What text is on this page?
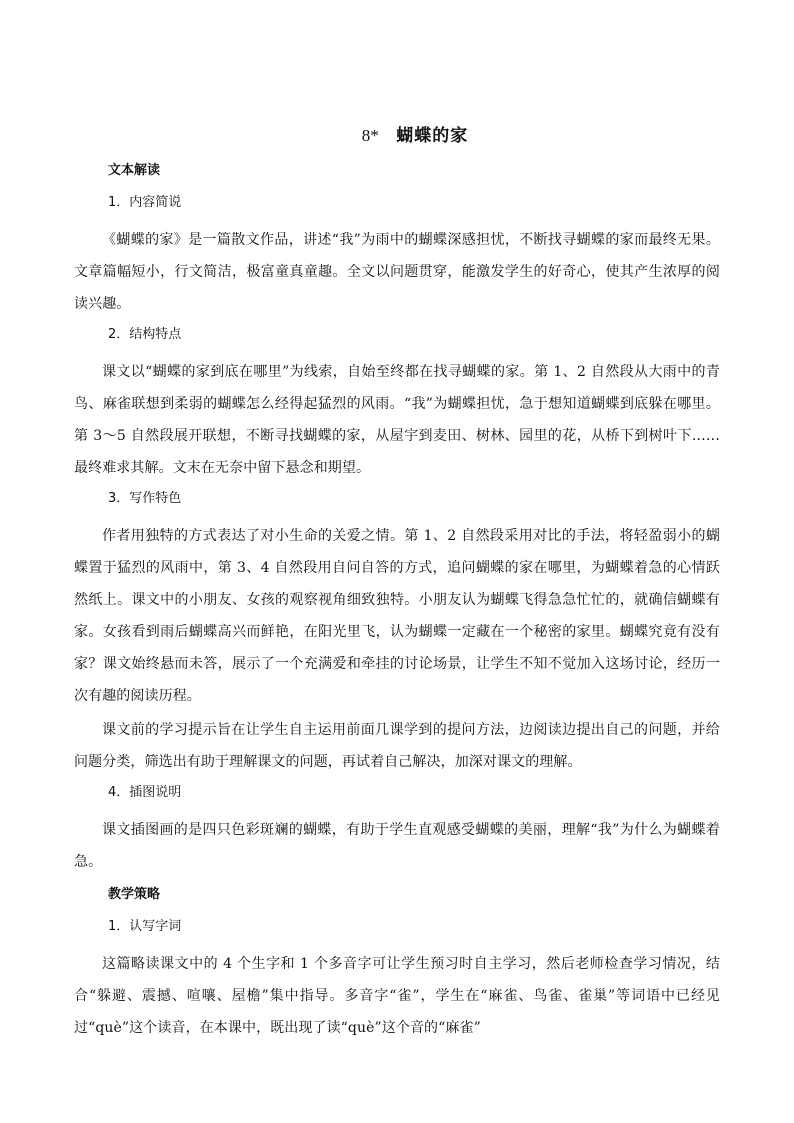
8* 蝴蝶的家
文本解读
1．内容简说

《蝴蝶的家》是一篇散文作品，讲述“我”为雨中的蝴蝶深感担忧，不断找寻蝴蝶的家而最终无果。文章篇幅短小，行文简洁，极富童真童趣。全文以问题贯穿，能激发学生的好奇心，使其产生浓厚的阅读兴趣。

2．结构特点

课文以“蝴蝶的家到底在哪里”为线索，自始至终都在找寻蝴蝶的家。第 1、2 自然段从大雨中的青鸟、麻雀联想到柔弱的蝴蝶怎么经得起猛烈的风雨。“我”为蝴蝶担忧，急于想知道蝴蝶到底躲在哪里。第 3～5 自然段展开联想，不断寻找蝴蝶的家，从屋宇到麦田、树林、园里的花，从桥下到树叶下……最终难求其解。文末在无奈中留下悬念和期望。

3．写作特色

作者用独特的方式表达了对小生命的关爱之情。第 1、2 自然段采用对比的手法，将轻盈弱小的蝴蝶置于猛烈的风雨中，第 3、4 自然段用自问自答的方式，追问蝴蝶的家在哪里，为蝴蝶着急的心情跃然纸上。课文中的小朋友、女孩的观察视角细致独特。小朋友认为蝴蝶飞得急急忙忙的，就确信蝴蝶有家。女孩看到雨后蝴蝶高兴而鲜艳，在阳光里飞，认为蝴蝶一定藏在一个秘密的家里。蝴蝶究竟有没有家？课文始终悬而未答，展示了一个充满爱和牵挂的讨论场景，让学生不知不觉加入这场讨论，经历一次有趣的阅读历程。

课文前的学习提示旨在让学生自主运用前面几课学到的提问方法，边阅读边提出自己的问题，并给问题分类，筛选出有助于理解课文的问题，再试着自己解决，加深对课文的理解。

4．插图说明

课文插图画的是四只色彩斑斓的蝴蝶，有助于学生直观感受蝴蝶的美丽，理解“我”为什么为蝴蝶着急。

教学策略
1．认写字词

这篇略读课文中的 4 个生字和 1 个多音字可让学生预习时自主学习，然后老师检查学习情况，结合“躲避、震撼、喧嚷、屋檐”集中指导。多音字“雀”，学生在“麻雀、鸟雀、雀巢”等词语中已经见过“què”这个读音，在本课中，既出现了读“què”这个音的“麻雀”
